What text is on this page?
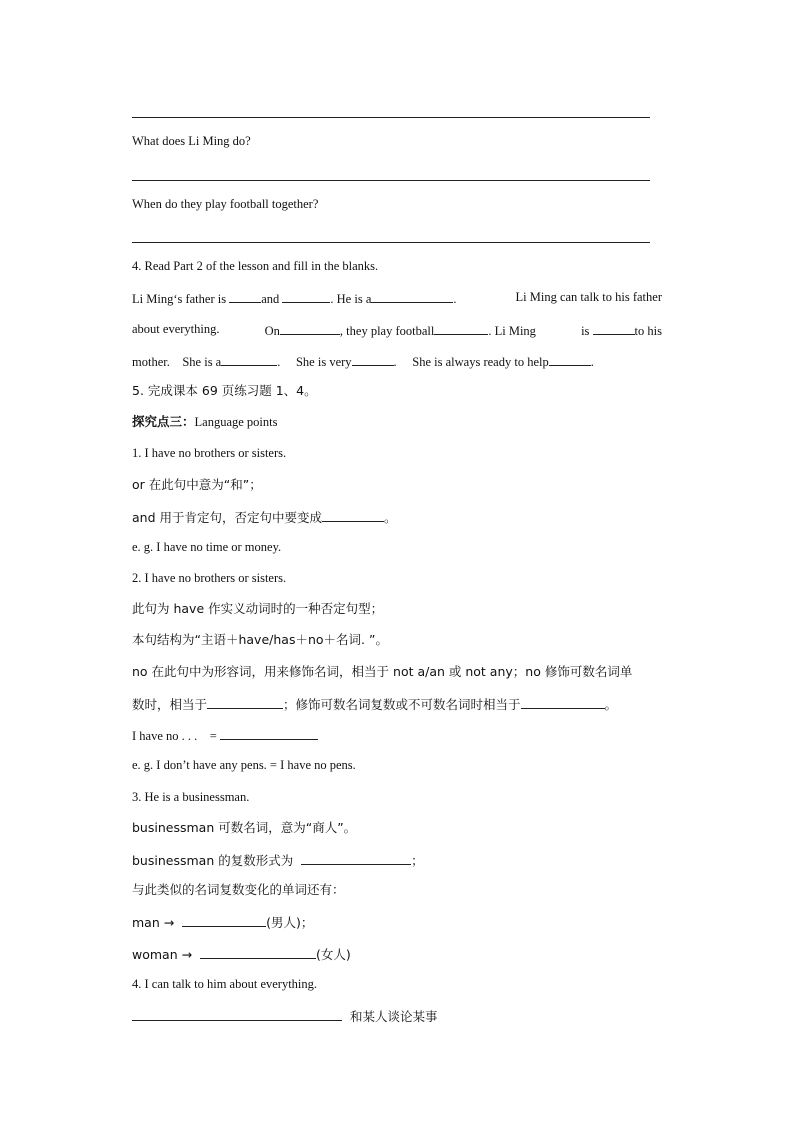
What does Li Ming do?
When do they play football together?
4. Read Part 2 of the lesson and fill in the blanks.
Li Ming‘s father is	and	. He is a	.	Li Ming can talk to his father
about everything.	On	, they play football	. Li Ming	is	to his
mother. She is a	. She is very	. She is always ready to help	.
5. 完成课本 69 页练习题 1、4。
探究点三：Language points
1. I have no brothers or sisters.
or 在此句中意为“和”；
and 用于肯定句，否定句中要变成	。
e. g. I have no time or money.
2. I have no brothers or sisters.
此句为 have 作实义动词时的一种否定句型；
本句结构为“主语＋have/has＋no＋名词. ”。
no 在此句中为形容词，用来修饰名词，相当于 not a/an 或 not any；no 修饰可数名词单
数时，相当于	；修饰可数名词复数或不可数名词时相当于	。
I have no . . . =
e. g. I don’t have any pens. = I have no pens.
3. He is a businessman.
businessman 可数名词，意为“商人”。
businessman 的复数形式为	；
与此类似的名词复数变化的单词还有：
man →	(男人)；
woman →	(女人)
4. I can talk to him about everything.
和某人谈论某事
